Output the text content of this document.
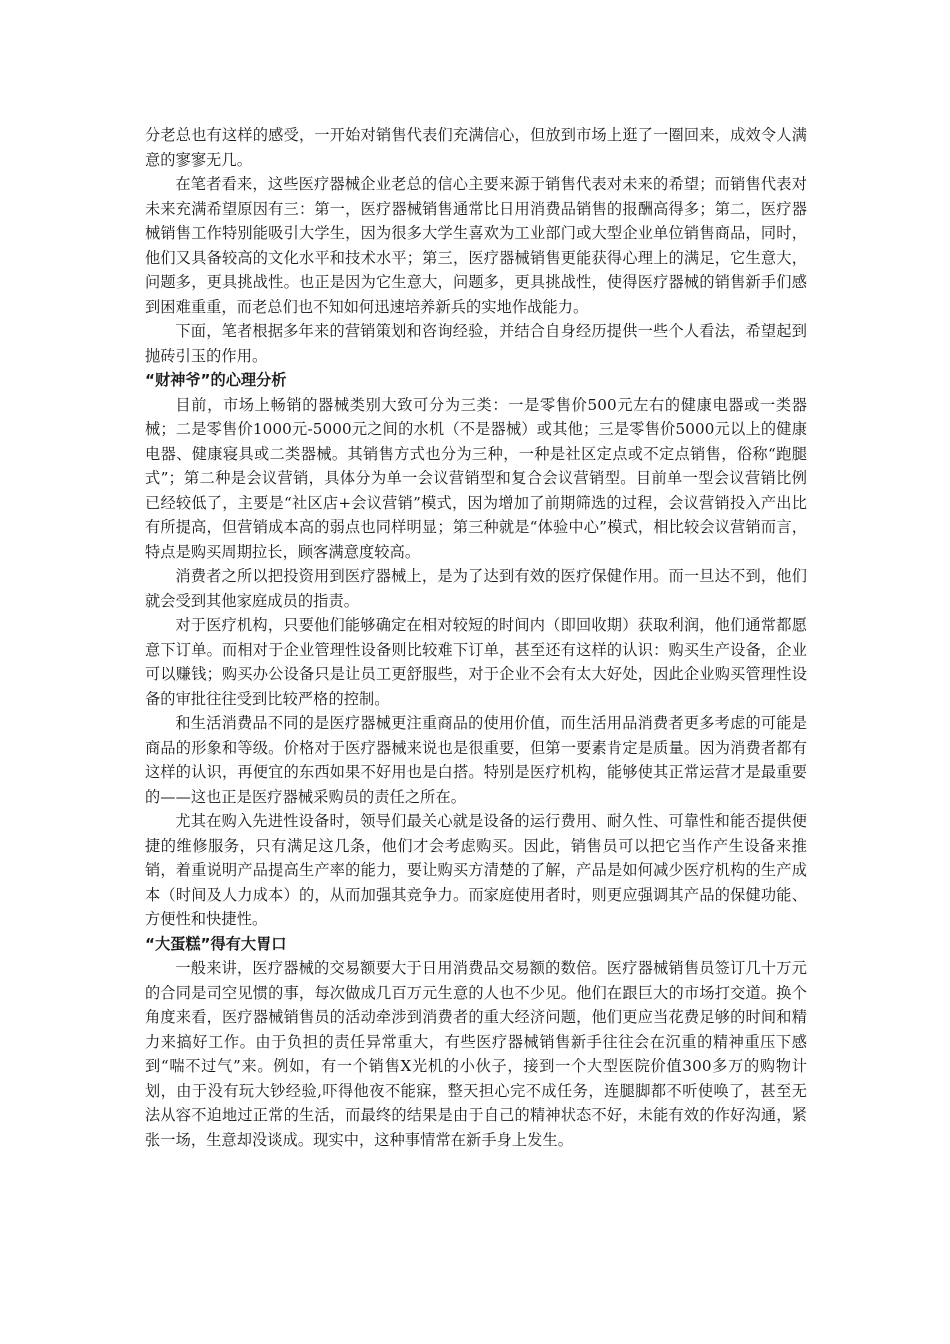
分老总也有这样的感受，一开始对销售代表们充满信心，但放到市场上逛了一圈回来，成效令人满意的寥寥无几。

在笔者看来，这些医疗器械企业老总的信心主要来源于销售代表对未来的希望；而销售代表对未来充满希望原因有三：第一，医疗器械销售通常比日用消费品销售的报酬高得多；第二，医疗器械销售工作特别能吸引大学生，因为很多大学生喜欢为工业部门或大型企业单位销售商品，同时，他们又具备较高的文化水平和技术水平；第三，医疗器械销售更能获得心理上的满足，它生意大，问题多，更具挑战性。也正是因为它生意大，问题多，更具挑战性，使得医疗器械的销售新手们感到困难重重，而老总们也不知如何迅速培养新兵的实地作战能力。

下面，笔者根据多年来的营销策划和咨询经验，并结合自身经历提供一些个人看法，希望起到抛砖引玉的作用。

“财神爷”的心理分析

目前，市场上畅销的器械类别大致可分为三类：一是零售价500元左右的健康电器或一类器械；二是零售价1000元-5000元之间的水机（不是器械）或其他；三是零售价5000元以上的健康电器、健康寝具或二类器械。其销售方式也分为三种，一种是社区定点或不定点销售，俗称“跑腿式”；第二种是会议营销，具体分为单一会议营销型和复合会议营销型。目前单一型会议营销比例已经较低了，主要是“社区店+会议营销”模式，因为增加了前期筛选的过程，会议营销投入产出比有所提高，但营销成本高的弱点也同样明显；第三种就是“体验中心”模式，相比较会议营销而言，特点是购买周期拉长，顾客满意度较高。

消费者之所以把投资用到医疗器械上，是为了达到有效的医疗保健作用。而一旦达不到，他们就会受到其他家庭成员的指责。

对于医疗机构，只要他们能够确定在相对较短的时间内（即回收期）获取利润，他们通常都愿意下订单。而相对于企业管理性设备则比较难下订单，甚至还有这样的认识：购买生产设备，企业可以赚钱；购买办公设备只是让员工更舒服些，对于企业不会有太大好处，因此企业购买管理性设备的审批往往受到比较严格的控制。

和生活消费品不同的是医疗器械更注重商品的使用价值，而生活用品消费者更多考虑的可能是商品的形象和等级。价格对于医疗器械来说也是很重要，但第一要素肯定是质量。因为消费者都有这样的认识，再便宜的东西如果不好用也是白搭。特别是医疗机构，能够使其正常运营才是最重要的——这也正是医疗器械采购员的责任之所在。

尤其在购入先进性设备时，领导们最关心就是设备的运行费用、耐久性、可靠性和能否提供便捷的维修服务，只有满足这几条，他们才会考虑购买。因此，销售员可以把它当作产生设备来推销，着重说明产品提高生产率的能力，要让购买方清楚的了解，产品是如何减少医疗机构的生产成本（时间及人力成本）的，从而加强其竞争力。而家庭使用者时，则更应强调其产品的保健功能、方便性和快捷性。

“大蛋糕”得有大胃口

一般来讲，医疗器械的交易额要大于日用消费品交易额的数倍。医疗器械销售员签订几十万元的合同是司空见惯的事，每次做成几百万元生意的人也不少见。他们在跟巨大的市场打交道。换个角度来看，医疗器械销售员的活动牵涉到消费者的重大经济问题，他们更应当花费足够的时间和精力来搞好工作。由于负担的责任异常重大，有些医疗器械销售新手往往会在沉重的精神重压下感到“喘不过气”来。例如，有一个销售X光机的小伙子，接到一个大型医院价值300多万的购物计划，由于没有玩大钞经验,吓得他夜不能寐，整天担心完不成任务，连腿脚都不听使唤了，甚至无法从容不迫地过正常的生活，而最终的结果是由于自己的精神状态不好，未能有效的作好沟通，紧张一场，生意却没谈成。现实中，这种事情常在新手身上发生。
